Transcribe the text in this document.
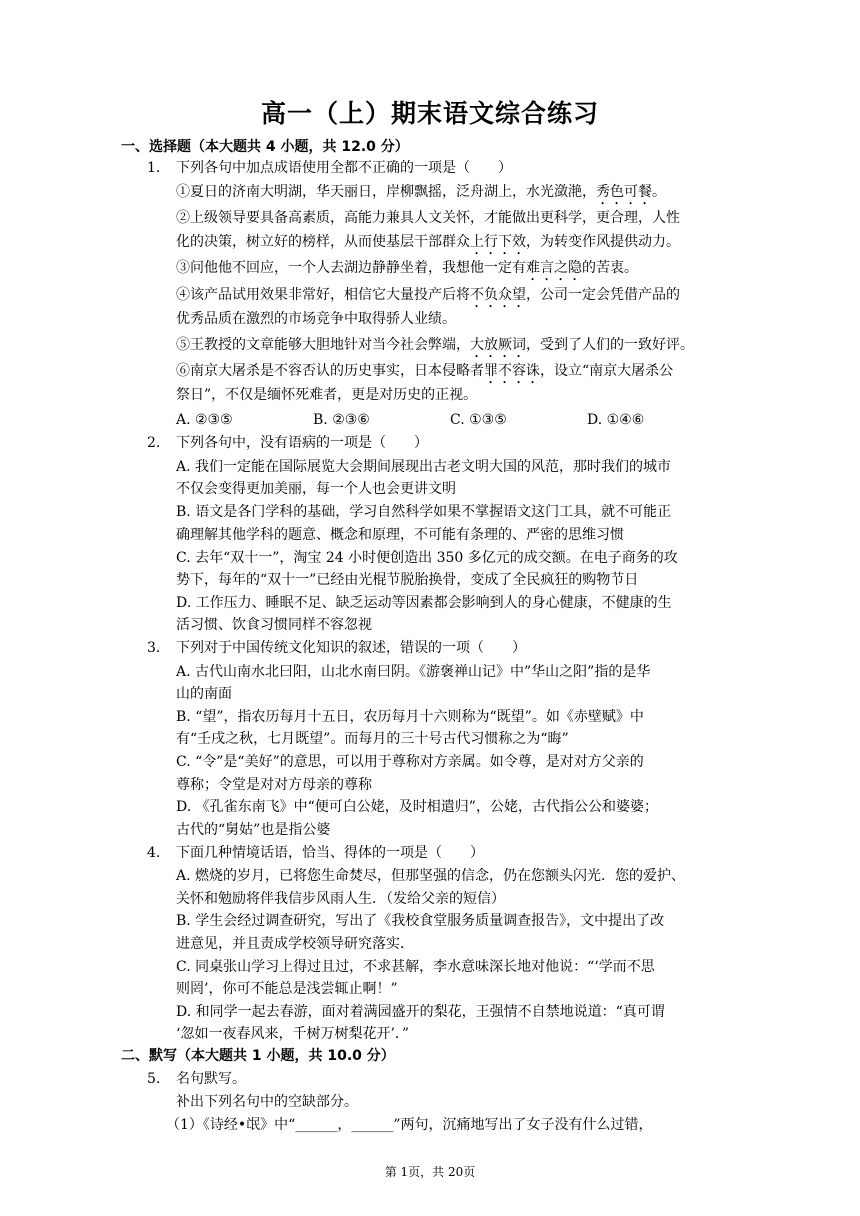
高一（上）期末语文综合练习
一、选择题（本大题共 4 小题，共 12.0 分）
1. 下列各句中加点成语使用全都不正确的一项是（　　）
①夏日的济南大明湖，华天丽日，岸柳飘摇，泛舟湖上，水光潋滟，秀色可餐。
②上级领导要具备高素质，高能力兼具人文关怀，才能做出更科学，更合理，人性
化的决策，树立好的榜样，从而使基层干部群众上行下效，为转变作风提供动力。
③问他他不回应，一个人去湖边静静坐着，我想他一定有难言之隐的苦衷。
④该产品试用效果非常好，相信它大量投产后将不负众望，公司一定会凭借产品的
优秀品质在激烈的市场竞争中取得骄人业绩。
⑤王教授的文章能够大胆地针对当今社会弊端，大放厥词，受到了人们的一致好评。
⑥南京大屠杀是不容否认的历史事实，日本侵略者罪不容诛，设立“南京大屠杀公
祭日”，不仅是缅怀死难者，更是对历史的正视。
A. ②③⑤	B. ②③⑥	C. ①③⑤	D. ①④⑥
2. 下列各句中，没有语病的一项是（　　）
A. 我们一定能在国际展览大会期间展现出古老文明大国的风范，那时我们的城市
不仅会变得更加美丽，每一个人也会更讲文明
B. 语文是各门学科的基础，学习自然科学如果不掌握语文这门工具，就不可能正
确理解其他学科的题意、概念和原理，不可能有条理的、严密的思维习惯
C. 去年“双十一”，淘宝 24 小时便创造出 350 多亿元的成交额。在电子商务的攻
势下，每年的“双十一”已经由光棍节脱胎换骨，变成了全民疯狂的购物节日
D. 工作压力、睡眠不足、缺乏运动等因素都会影响到人的身心健康，不健康的生
活习惯、饮食习惯同样不容忽视
3. 下列对于中国传统文化知识的叙述，错误的一项（　　）
A. 古代山南水北曰阳，山北水南曰阴。《游褒禅山记》中”华山之阳”指的是华
山的南面
B. “望”，指农历每月十五日，农历每月十六则称为“既望”。如《赤壁赋》中
有“壬戌之秋，七月既望”。而每月的三十号古代习惯称之为“晦”
C. “令”是“美好”的意思，可以用于尊称对方亲属。如令尊，是对对方父亲的
尊称；令堂是对对方母亲的尊称
D. 《孔雀东南飞》中“便可白公姥，及时相遣归”，公姥，古代指公公和婆婆；
古代的“舅姑”也是指公婆
4. 下面几种情境话语，恰当、得体的一项是（　　）
A. 燃烧的岁月，已将您生命焚尽，但那坚强的信念，仍在您额头闪光．您的爱护、
关怀和勉励将伴我信步风雨人生．（发给父亲的短信）
B. 学生会经过调查研究，写出了《我校食堂服务质量调查报告》，文中提出了改
进意见，并且责成学校领导研究落实．
C. 同桌张山学习上得过且过，不求甚解，李水意味深长地对他说：“‘学而不思
则罔’，你可不能总是浅尝辄止啊！”
D. 和同学一起去春游，面对着满园盛开的梨花，王强情不自禁地说道：“真可谓
‘忽如一夜春风来，千树万树梨花开’．”
二、默写（本大题共 1 小题，共 10.0 分）
5. 名句默写。
补出下列名句中的空缺部分。
（1）《诗经•氓》中“______，______”两句，沉痛地写出了女子没有什么过错，
第 1页，共 20页
